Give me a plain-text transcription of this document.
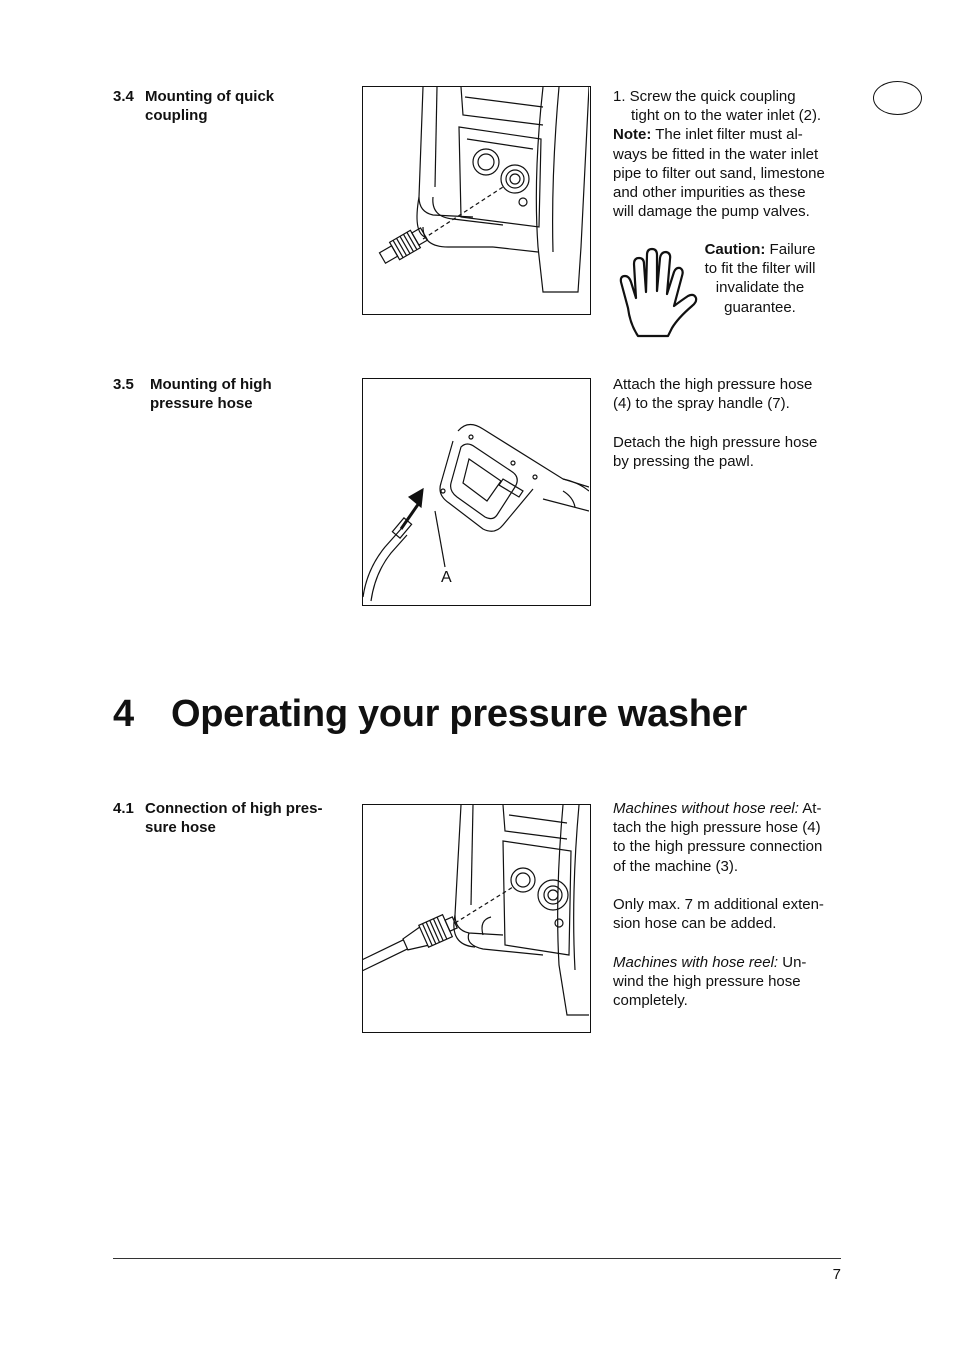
3.4 Mounting of quick
coupling

1. Screw the quick coupling

tight on to the water inlet (2).

Note: The inlet filter must al-

ways be fitted in the water inlet

pipe to filter out sand, limestone

and other impurities as these

will damage the pump valves.

Caution: Failure
to fit the filter will
invalidate the
guarantee.
3.5 Mounting of high
pressure hose
A

Attach the high pressure hose

(4) to the spray handle (7).

Detach the high pressure hose

by pressing the pawl.

4 Operating your pressure washer
4.1 Connection of high pres-
sure hose

Machines without hose reel: At-

tach the high pressure hose (4)

to the high pressure connection

of the machine (3).

Only max. 7 m additional exten-

sion hose can be added.

Machines with hose reel: Un-

wind the high pressure hose

completely.

7
